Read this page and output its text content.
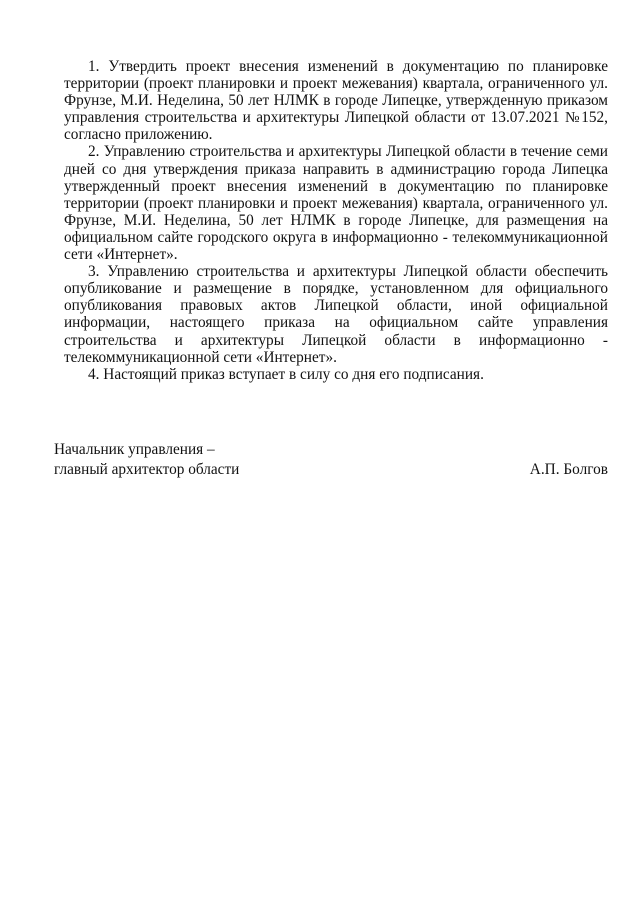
1. Утвердить проект внесения изменений в документацию по планировке территории (проект планировки и проект межевания) квартала, ограниченного ул. Фрунзе, М.И. Неделина, 50 лет НЛМК в городе Липецке, утвержденную приказом управления строительства и архитектуры Липецкой области от 13.07.2021 №152, согласно приложению.

2. Управлению строительства и архитектуры Липецкой области в течение семи дней со дня утверждения приказа направить в администрацию города Липецка утвержденный проект внесения изменений в документацию по планировке территории (проект планировки и проект межевания) квартала, ограниченного ул. Фрунзе, М.И. Неделина, 50 лет НЛМК в городе Липецке, для размещения на официальном сайте городского округа в информационно - телекоммуникационной сети «Интернет».

3. Управлению строительства и архитектуры Липецкой области обеспечить опубликование и размещение в порядке, установленном для официального опубликования правовых актов Липецкой области, иной официальной информации, настоящего приказа на официальном сайте управления строительства и архитектуры Липецкой области в информационно - телекоммуникационной сети «Интернет».

4. Настоящий приказ вступает в силу со дня его подписания.

Начальник управления –
главный архитектор области	А.П. Болгов
